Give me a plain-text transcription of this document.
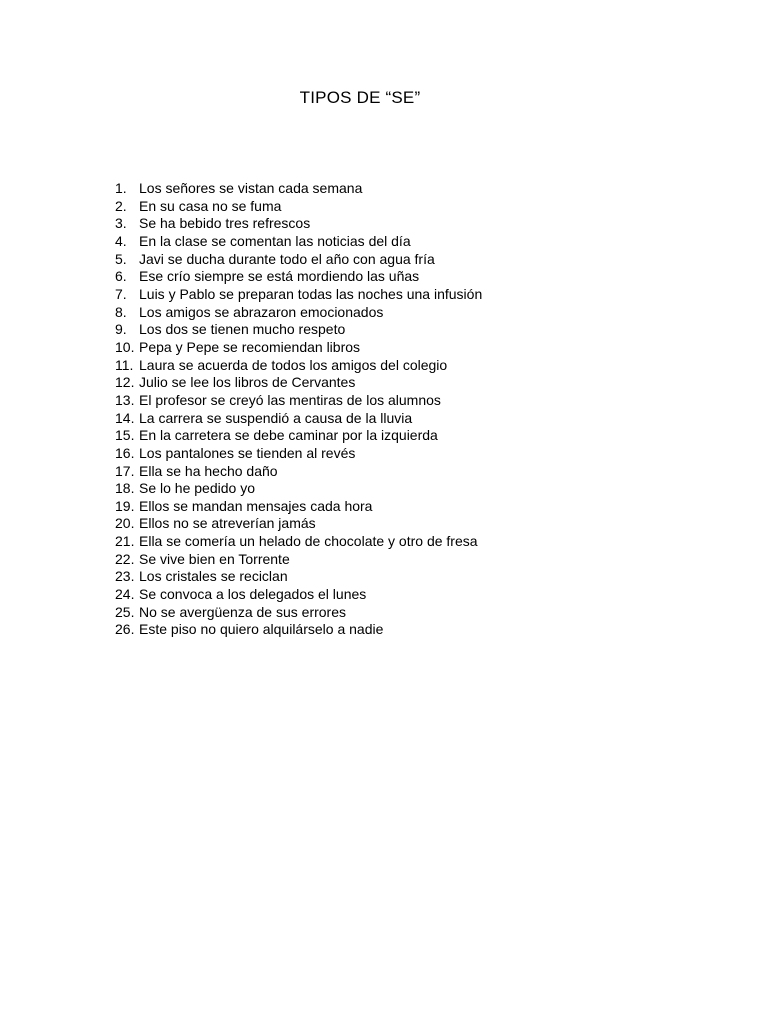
TIPOS DE “SE”
1. Los señores se vistan cada semana
2. En su casa no se fuma
3. Se ha bebido tres refrescos
4. En la clase se comentan las noticias del día
5. Javi se ducha durante todo el año con agua fría
6. Ese crío siempre se está mordiendo las uñas
7. Luis y Pablo se preparan todas las noches una infusión
8. Los amigos se abrazaron emocionados
9. Los dos se tienen mucho respeto
10. Pepa y Pepe se recomiendan libros
11. Laura se acuerda de todos los amigos del colegio
12. Julio se lee los libros de Cervantes
13. El profesor se creyó las mentiras de los alumnos
14. La carrera se suspendió a causa de la lluvia
15. En la carretera se debe caminar por la izquierda
16. Los pantalones se tienden al revés
17. Ella se ha hecho daño
18. Se lo he pedido yo
19. Ellos se mandan mensajes cada hora
20. Ellos no se atreverían jamás
21. Ella se comería un helado de chocolate y otro de fresa
22. Se vive bien en Torrente
23. Los cristales se reciclan
24. Se convoca a los delegados el lunes
25. No se avergüenza de sus errores
26. Este piso no quiero alquilárselo a nadie
